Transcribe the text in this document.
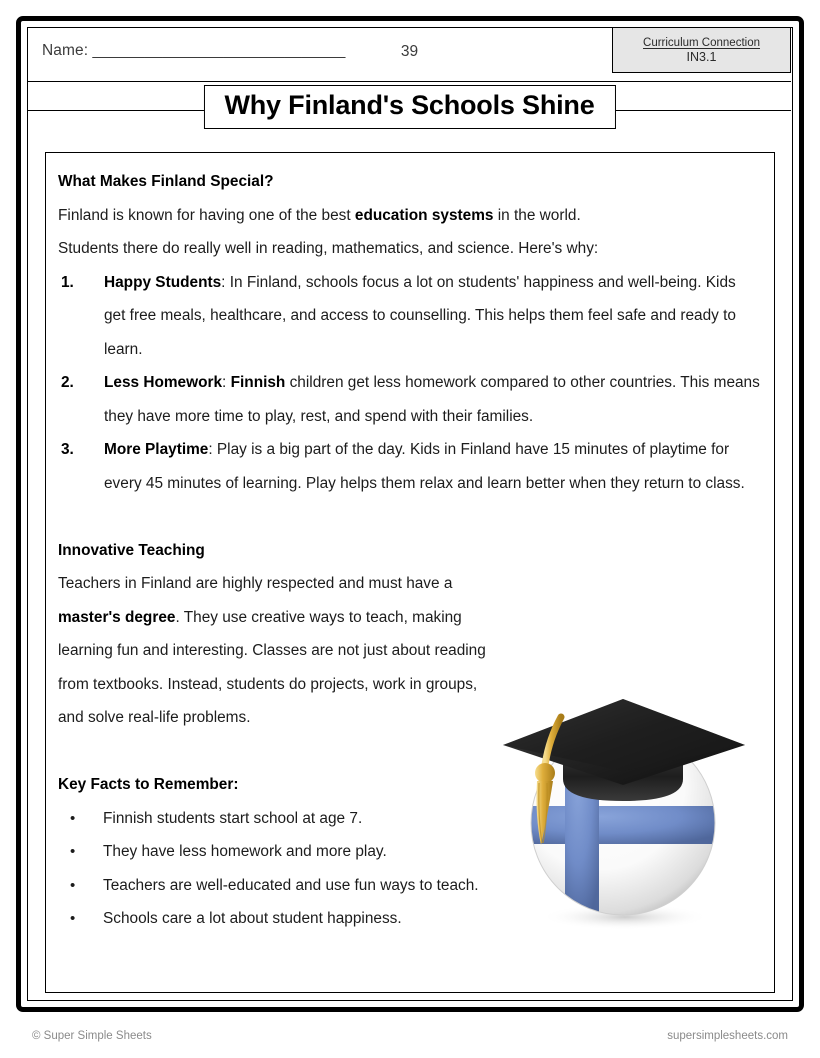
Name: _____________________________	39
Curriculum Connection
IN3.1
Why Finland's Schools Shine
What Makes Finland Special?

Finland is known for having one of the best education systems in the world.

Students there do really well in reading, mathematics, and science. Here's why:

1. Happy Students: In Finland, schools focus a lot on students' happiness and well-being. Kids get free meals, healthcare, and access to counselling. This helps them feel safe and ready to learn.
2. Less Homework: Finnish children get less homework compared to other countries. This means they have more time to play, rest, and spend with their families.
3. More Playtime: Play is a big part of the day. Kids in Finland have 15 minutes of playtime for every 45 minutes of learning. Play helps them relax and learn better when they return to class.
Innovative Teaching

Teachers in Finland are highly respected and must have a master's degree. They use creative ways to teach, making learning fun and interesting. Classes are not just about reading from textbooks. Instead, students do projects, work in groups, and solve real-life problems.

Key Facts to Remember:
• Finnish students start school at age 7.
• They have less homework and more play.
• Teachers are well-educated and use fun ways to teach.
• Schools care a lot about student happiness.
© Super Simple Sheets	supersimplesheets.com
